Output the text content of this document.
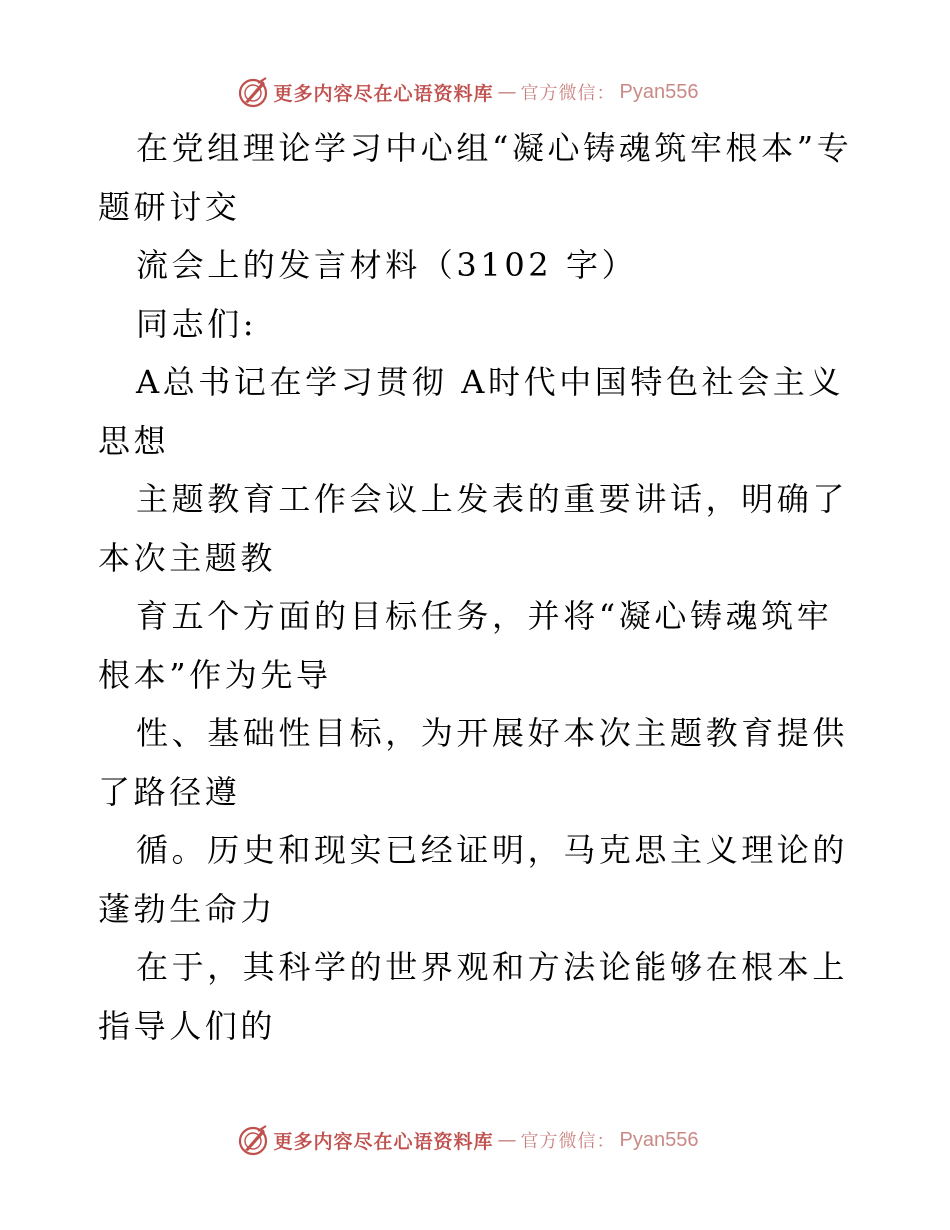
更多内容尽在心语资料库 — 官方微信： Pyan556

在党组理论学习中心组“凝心铸魂筑牢根本”专题研讨交

流会上的发言材料（3102 字）

同志们:

A总书记在学习贯彻 A时代中国特色社会主义思想

主题教育工作会议上发表的重要讲话，明确了本次主题教

育五个方面的目标任务，并将“凝心铸魂筑牢根本”作为先导

性、基础性目标，为开展好本次主题教育提供了路径遵

循。历史和现实已经证明，马克思主义理论的蓬勃生命力

在于，其科学的世界观和方法论能够在根本上指导人们的

更多内容尽在心语资料库 — 官方微信： Pyan556
